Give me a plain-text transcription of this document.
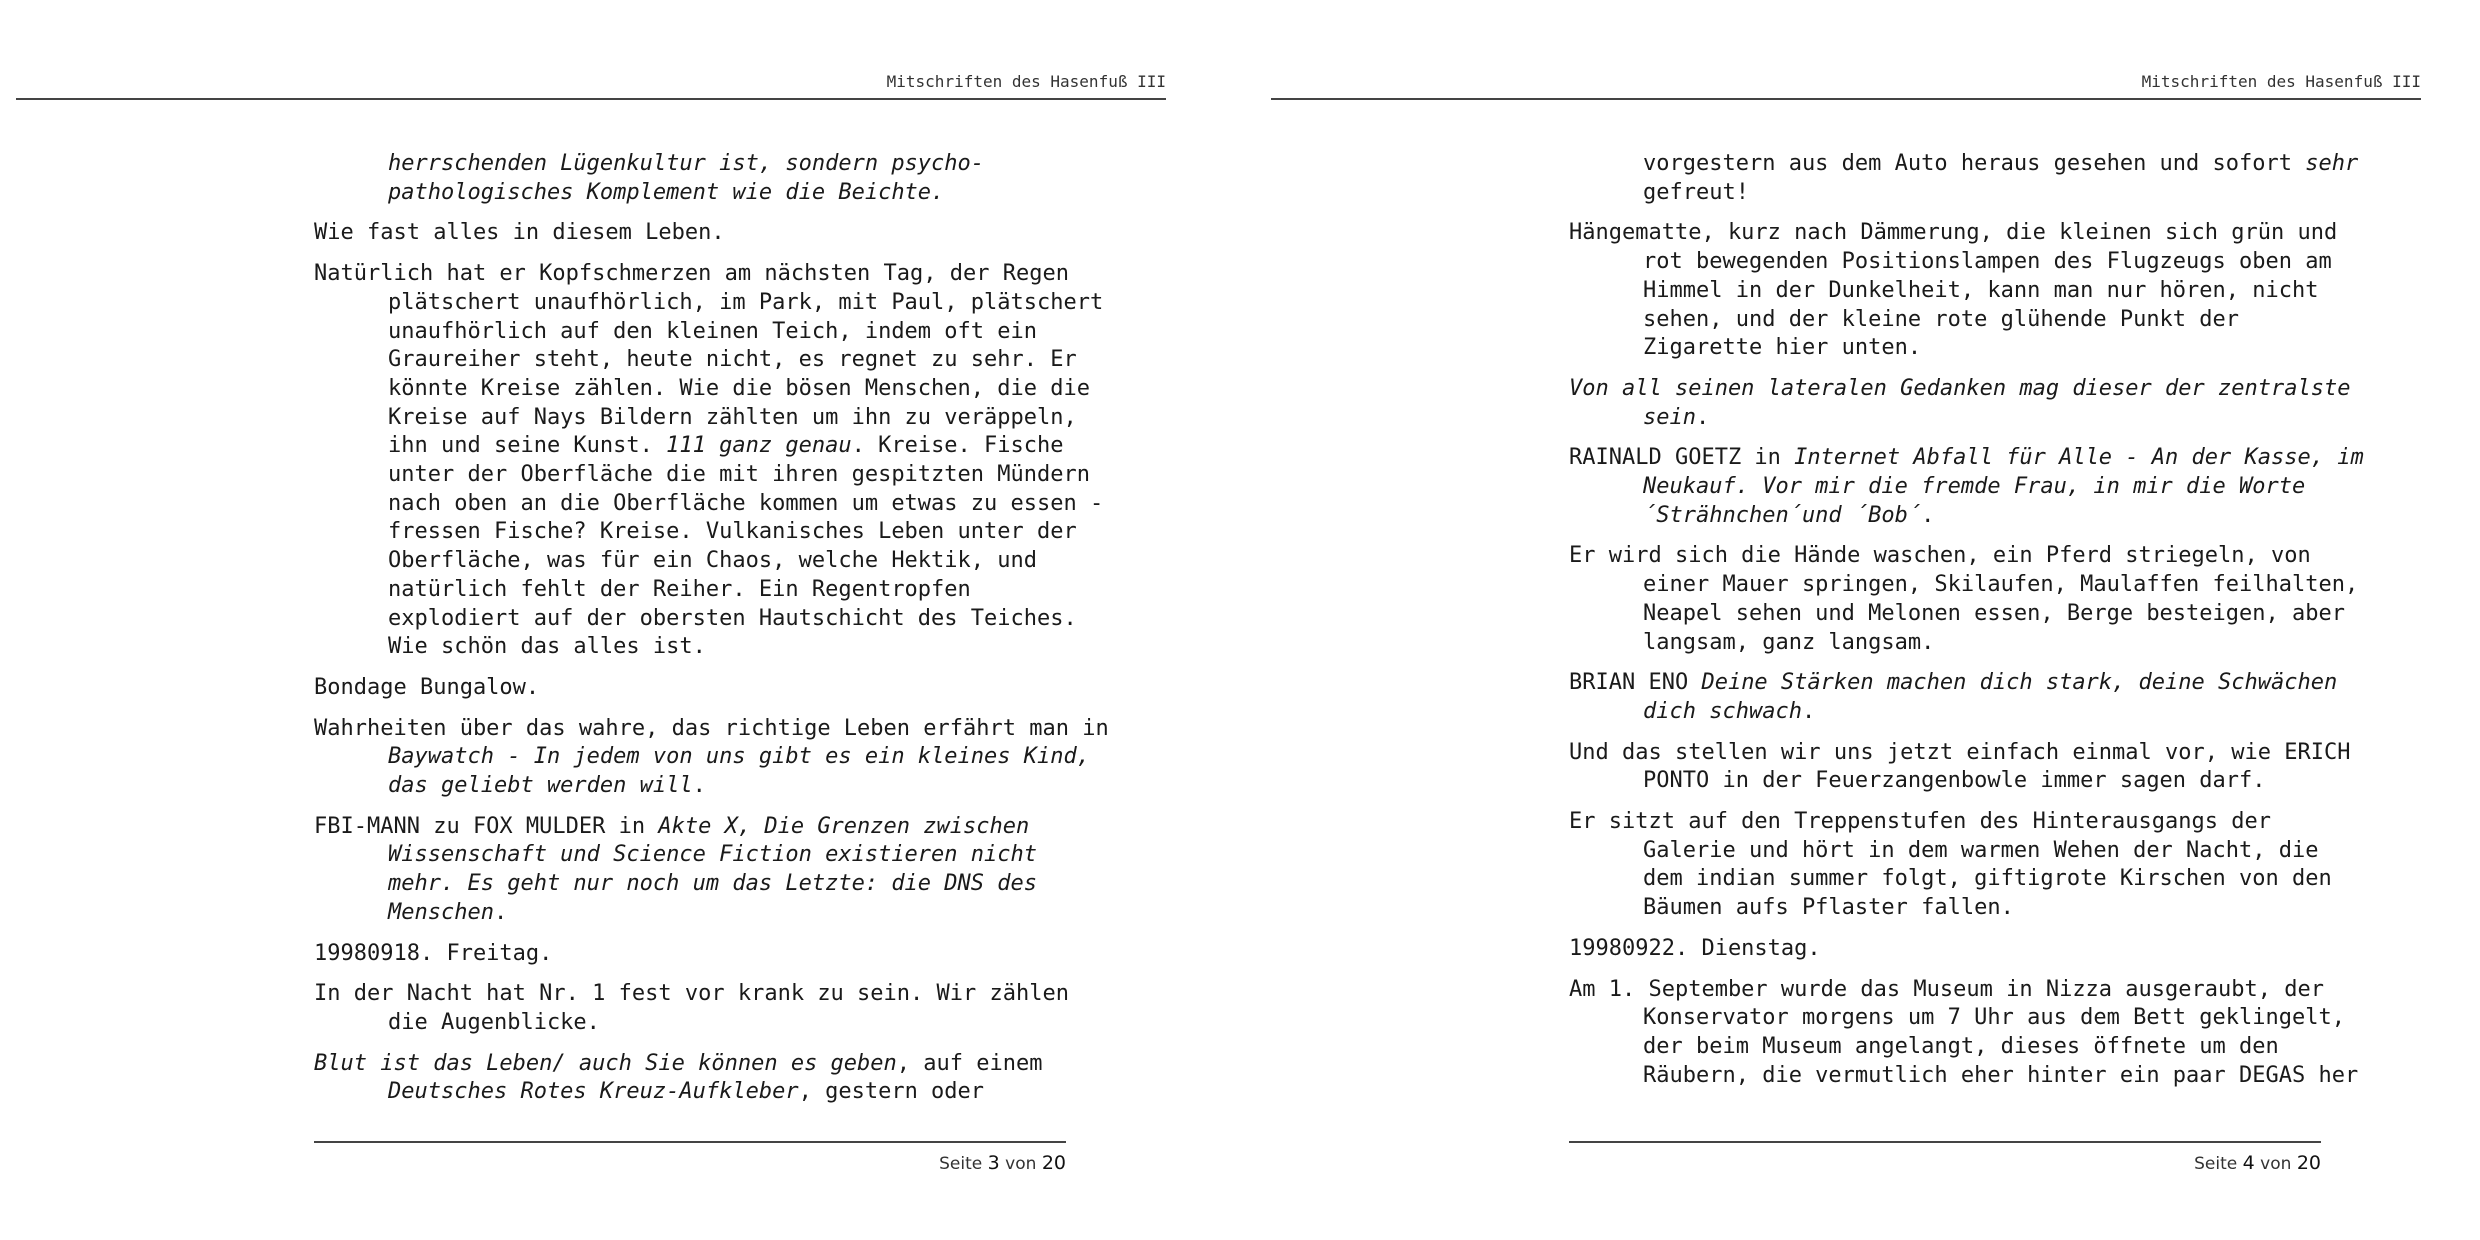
Mitschriften des Hasenfuß III

herrschenden Lügenkultur ist, sondern psycho-pathologisches Komplement wie die Beichte.

Wie fast alles in diesem Leben.

Natürlich hat er Kopfschmerzen am nächsten Tag, der Regen plätschert unaufhörlich, im Park, mit Paul, plätschert unaufhörlich auf den kleinen Teich, indem oft ein Graureiher steht, heute nicht, es regnet zu sehr. Er könnte Kreise zählen. Wie die bösen Menschen, die die Kreise auf Nays Bildern zählten um ihn zu veräppeln, ihn und seine Kunst. 111 ganz genau. Kreise. Fische unter der Oberfläche die mit ihren gespitzten Mündern nach oben an die Oberfläche kommen um etwas zu essen - fressen Fische? Kreise. Vulkanisches Leben unter der Oberfläche, was für ein Chaos, welche Hektik, und natürlich fehlt der Reiher. Ein Regentropfen explodiert auf der obersten Hautschicht des Teiches. Wie schön das alles ist.

Bondage Bungalow.

Wahrheiten über das wahre, das richtige Leben erfährt man in Baywatch - In jedem von uns gibt es ein kleines Kind, das geliebt werden will.

FBI-MANN zu FOX MULDER in Akte X, Die Grenzen zwischen Wissenschaft und Science Fiction existieren nicht mehr. Es geht nur noch um das Letzte: die DNS des Menschen.

19980918. Freitag.

In der Nacht hat Nr. 1 fest vor krank zu sein. Wir zählen die Augenblicke.

Blut ist das Leben/ auch Sie können es geben, auf einem Deutsches Rotes Kreuz-Aufkleber, gestern oder

Seite 3 von 20
Mitschriften des Hasenfuß III

vorgestern aus dem Auto heraus gesehen und sofort sehr gefreut!

Hängematte, kurz nach Dämmerung, die kleinen sich grün und rot bewegenden Positionslampen des Flugzeugs oben am Himmel in der Dunkelheit, kann man nur hören, nicht sehen, und der kleine rote glühende Punkt der Zigarette hier unten.

Von all seinen lateralen Gedanken mag dieser der zentralste sein.

RAINALD GOETZ in Internet Abfall für Alle - An der Kasse, im Neukauf. Vor mir die fremde Frau, in mir die Worte ´Strähnchen´und ´Bob´.

Er wird sich die Hände waschen, ein Pferd striegeln, von einer Mauer springen, Skilaufen, Maulaffen feilhalten, Neapel sehen und Melonen essen, Berge besteigen, aber langsam, ganz langsam.

BRIAN ENO Deine Stärken machen dich stark, deine Schwächen dich schwach.

Und das stellen wir uns jetzt einfach einmal vor, wie ERICH PONTO in der Feuerzangenbowle immer sagen darf.

Er sitzt auf den Treppenstufen des Hinterausgangs der Galerie und hört in dem warmen Wehen der Nacht, die dem indian summer folgt, giftigrote Kirschen von den Bäumen aufs Pflaster fallen.

19980922. Dienstag.

Am 1. September wurde das Museum in Nizza ausgeraubt, der Konservator morgens um 7 Uhr aus dem Bett geklingelt, der beim Museum angelangt, dieses öffnete um den Räubern, die vermutlich eher hinter ein paar DEGAS her

Seite 4 von 20
